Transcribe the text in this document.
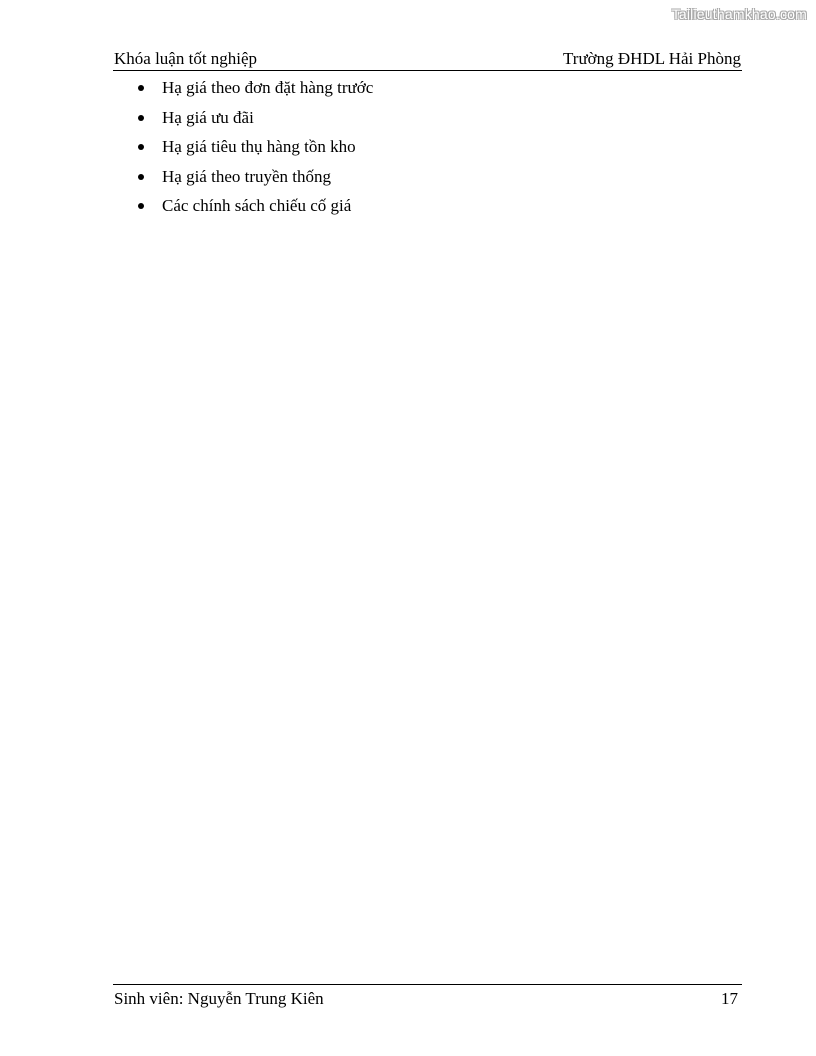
Tailieuthamkhao.com
Khóa luận tốt nghiệp	Trường ĐHDL Hải Phòng
Hạ giá theo đơn đặt hàng trước
Hạ giá ưu đãi
Hạ giá tiêu thụ hàng tồn kho
Hạ giá theo truyền thống
Các chính sách chiếu cố giá
Sinh viên: Nguyễn Trung Kiên	17
